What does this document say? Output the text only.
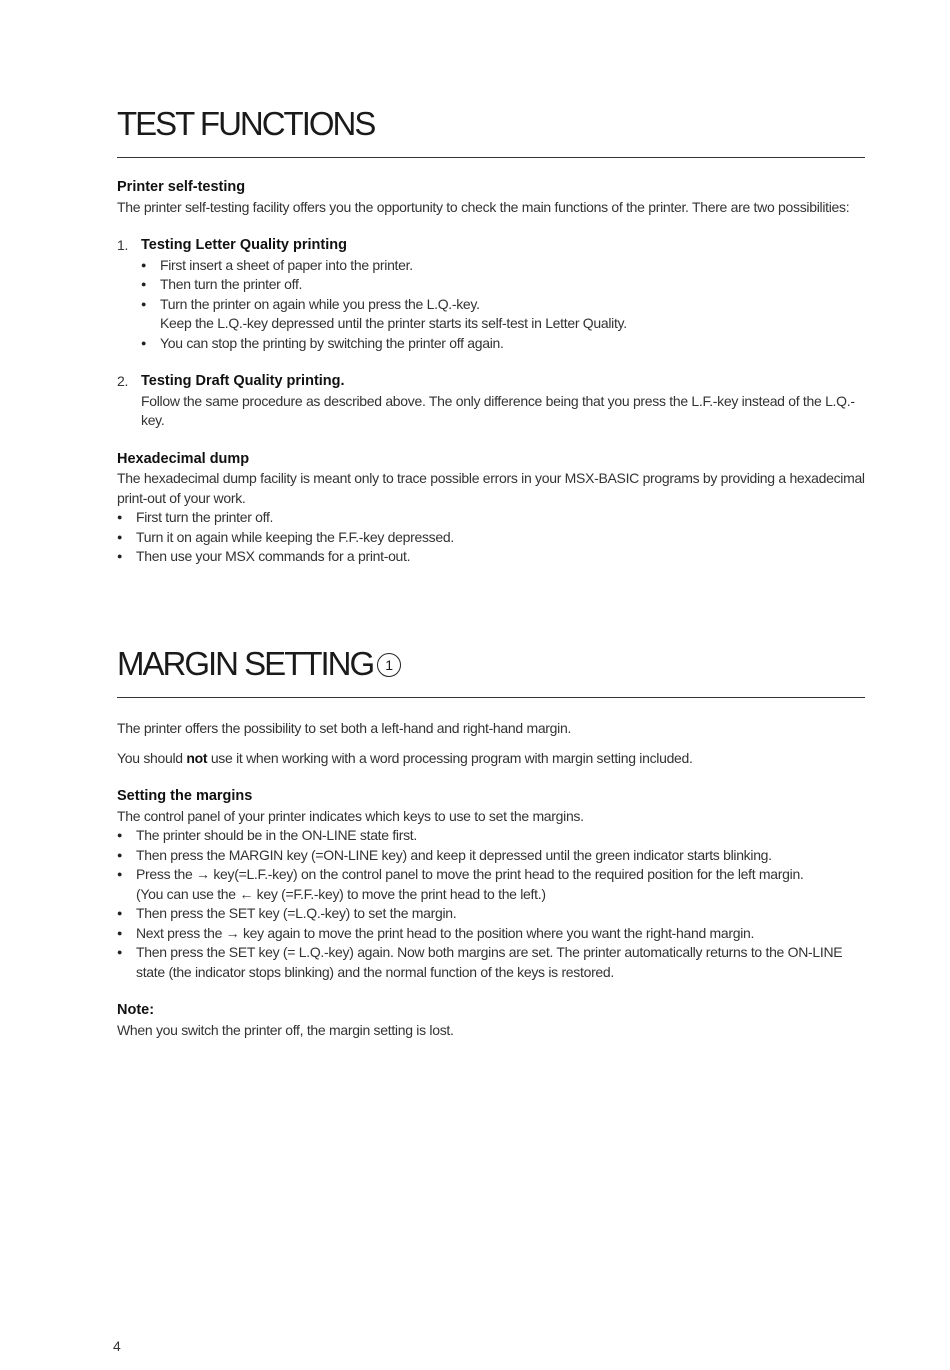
TEST FUNCTIONS

Printer self-testing

The printer self-testing facility offers you the opportunity to check the main functions of the printer. There are two possibilities:

1. Testing Letter Quality printing

● First insert a sheet of paper into the printer.
● Then turn the printer off.
● Turn the printer on again while you press the L.Q.-key.
Keep the L.Q.-key depressed until the printer starts its self-test in Letter Quality.
● You can stop the printing by switching the printer off again.
2. Testing Draft Quality printing.

Follow the same procedure as described above. The only difference being that you press the L.F.-key instead of the L.Q.-key.

Hexadecimal dump

The hexadecimal dump facility is meant only to trace possible errors in your MSX-BASIC programs by providing a hexadecimal print-out of your work.

● First turn the printer off.
● Turn it on again while keeping the F.F.-key depressed.
● Then use your MSX commands for a print-out.
MARGIN SETTING 1

The printer offers the possibility to set both a left-hand and right-hand margin.

You should not use it when working with a word processing program with margin setting included.

Setting the margins

The control panel of your printer indicates which keys to use to set the margins.

● The printer should be in the ON-LINE state first.
● Then press the MARGIN key (=ON-LINE key) and keep it depressed until the green indicator starts blinking.
● Press the → key(=L.F.-key) on the control panel to move the print head to the required position for the left margin.
(You can use the ← key (=F.F.-key) to move the print head to the left.)
● Then press the SET key (=L.Q.-key) to set the margin.
● Next press the → key again to move the print head to the position where you want the right-hand margin.
● Then press the SET key (= L.Q.-key) again. Now both margins are set. The printer automatically returns to the ON-LINE state (the indicator stops blinking) and the normal function of the keys is restored.

Note:

When you switch the printer off, the margin setting is lost.

4
